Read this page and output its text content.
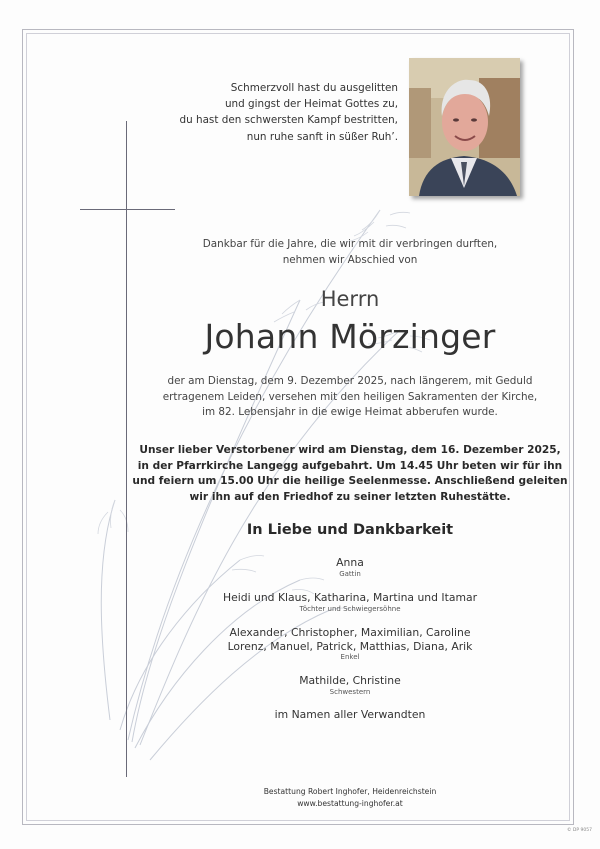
Schmerzvoll hast du ausgelitten
und gingst der Heimat Gottes zu,
du hast den schwersten Kampf bestritten,
nun ruhe sanft in süßer Ruh’.
Dankbar für die Jahre, die wir mit dir verbringen durften,
nehmen wir Abschied von
Herrn
Johann Mörzinger
der am Dienstag, dem 9. Dezember 2025, nach längerem, mit Geduld
ertragenem Leiden, versehen mit den heiligen Sakramenten der Kirche,
im 82. Lebensjahr in die ewige Heimat abberufen wurde.
Unser lieber Verstorbener wird am Dienstag, dem 16. Dezember 2025,
in der Pfarrkirche Langegg aufgebahrt. Um 14.45 Uhr beten wir für ihn
und feiern um 15.00 Uhr die heilige Seelenmesse. Anschließend geleiten
wir ihn auf den Friedhof zu seiner letzten Ruhestätte.
In Liebe und Dankbarkeit
Anna
Gattin
Heidi und Klaus, Katharina, Martina und Itamar
Töchter und Schwiegersöhne
Alexander, Christopher, Maximilian, Caroline
Lorenz, Manuel, Patrick, Matthias, Diana, Arik
Enkel
Mathilde, Christine
Schwestern
im Namen aller Verwandten
Bestattung Robert Inghofer, Heidenreichstein
www.bestattung-inghofer.at
© DP 9057
